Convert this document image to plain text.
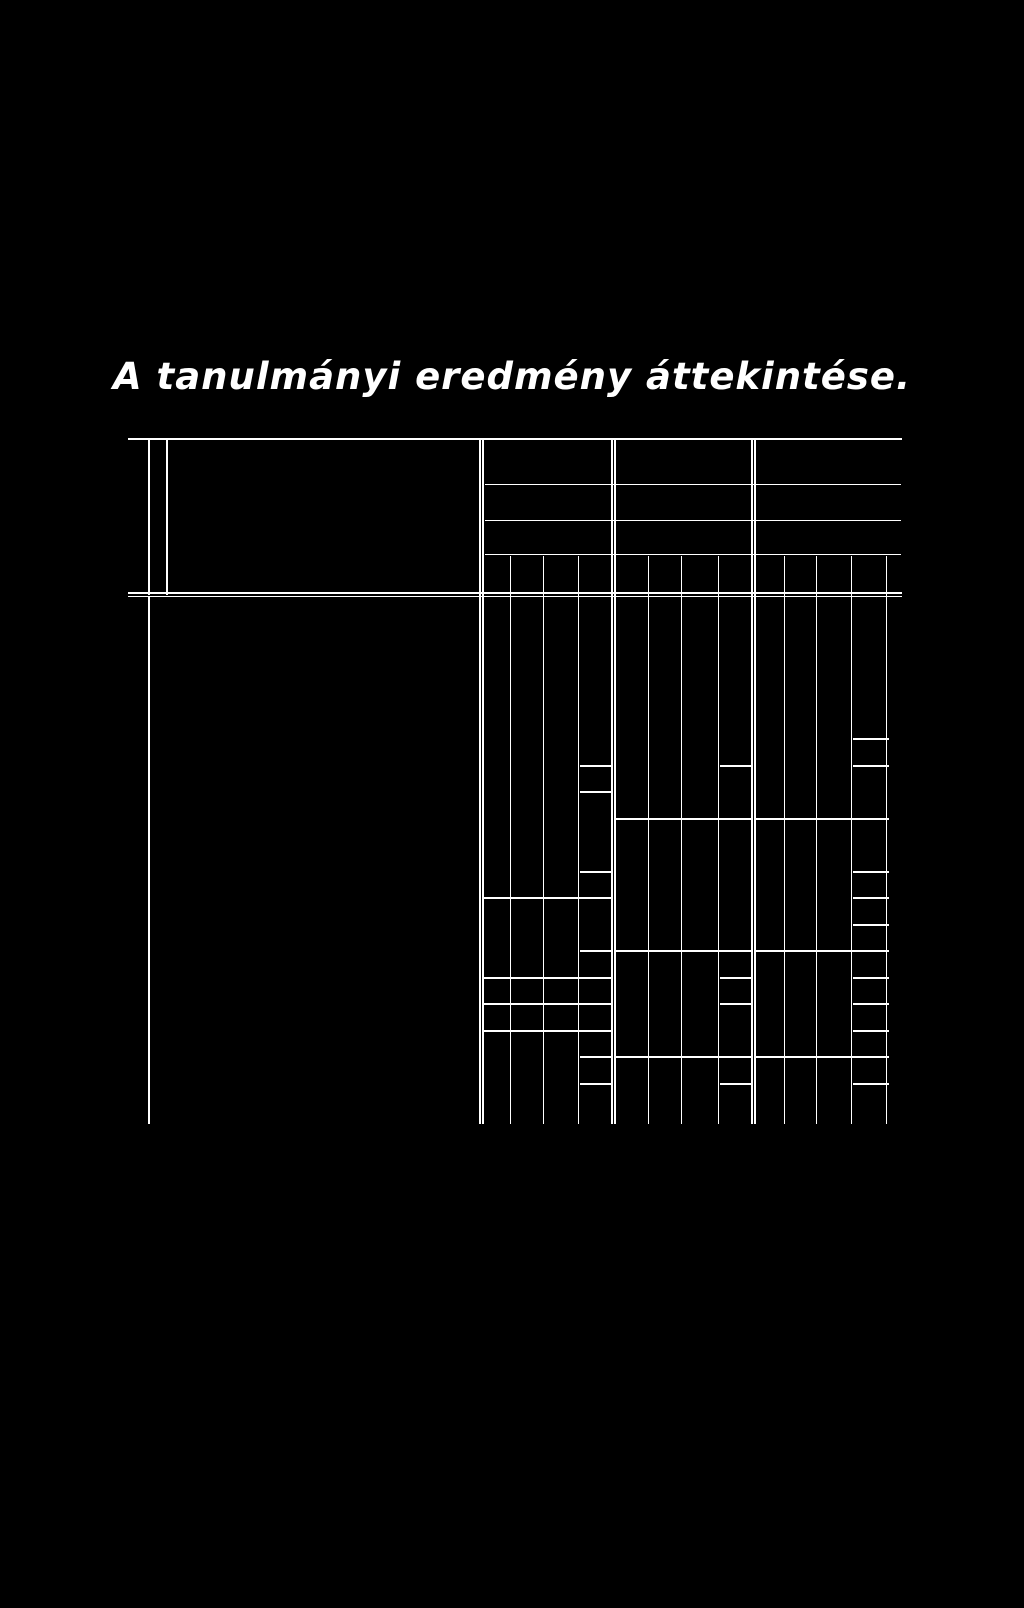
A tanulmányi eredmény áttekintése.
